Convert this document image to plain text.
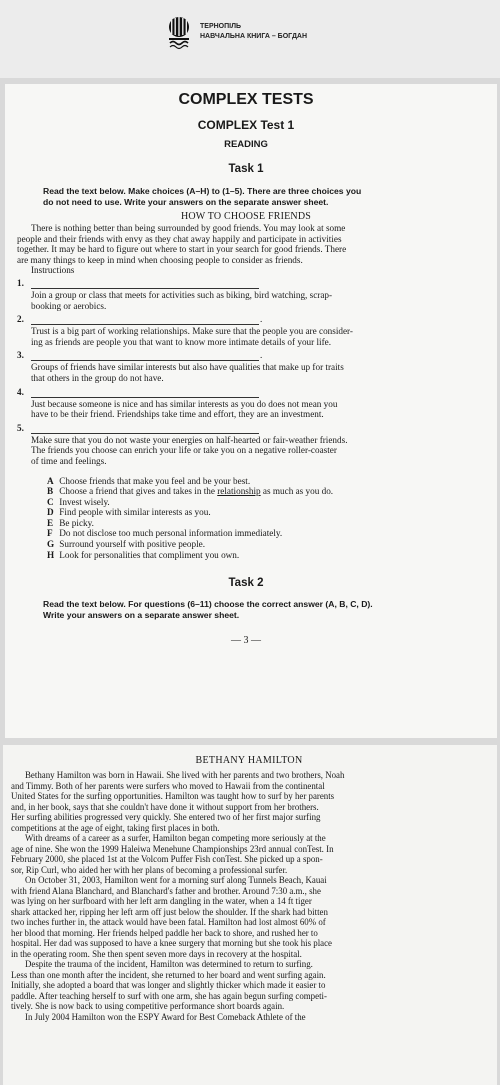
ТЕРНОПІЛЬ
НАВЧАЛЬНА КНИГА – БОГДАН
COMPLEX TESTS
COMPLEX Test 1
READING
Task 1
Read the text below. Make choices (A–H) to (1–5). There are three choices you
do not need to use. Write your answers on the separate answer sheet.
HOW TO CHOOSE FRIENDS

There is nothing better than being surrounded by good friends. You may look at some

people and their friends with envy as they chat away happily and participate in activities

together. It may be hard to figure out where to start in your search for good friends. There

are many things to keep in mind when choosing people to consider as friends.

Instructions
1.

Join a group or class that meets for activities such as biking, bird watching, scrap-

booking or aerobics.

2.	.

Trust is a big part of working relationships. Make sure that the people you are consider-

ing as friends are people you that want to know more intimate details of your life.

3.	.

Groups of friends have similar interests but also have qualities that make up for traits

that others in the group do not have.

4.

Just because someone is nice and has similar interests as you do does not mean you

have to be their friend. Friendships take time and effort, they are an investment.

5.

Make sure that you do not waste your energies on half-hearted or fair-weather friends.

The friends you choose can enrich your life or take you on a negative roller-coaster

of time and feelings.

A Choose friends that make you feel and be your best.
B Choose a friend that gives and takes in the relationship as much as you do.
C Invest wisely.
D Find people with similar interests as you.
E Be picky.
F Do not disclose too much personal information immediately.
G Surround yourself with positive people.
H Look for personalities that compliment you own.
Task 2
Read the text below. For questions (6–11) choose the correct answer (A, B, C, D).
Write your answers on a separate answer sheet.
— 3 —
BETHANY HAMILTON

Bethany Hamilton was born in Hawaii. She lived with her parents and two brothers, Noah

and Timmy. Both of her parents were surfers who moved to Hawaii from the continental

United States for the surfing opportunities. Hamilton was taught how to surf by her parents

and, in her book, says that she couldn't have done it without support from her brothers.

Her surfing abilities progressed very quickly. She entered two of her first major surfing

competitions at the age of eight, taking first places in both.

With dreams of a career as a surfer, Hamilton began competing more seriously at the

age of nine. She won the 1999 Haleiwa Menehune Championships 23rd annual conTest. In

February 2000, she placed 1st at the Volcom Puffer Fish conTest. She picked up a spon-

sor, Rip Curl, who aided her with her plans of becoming a professional surfer.

On October 31, 2003, Hamilton went for a morning surf along Tunnels Beach, Kauai

with friend Alana Blanchard, and Blanchard's father and brother. Around 7:30 a.m., she

was lying on her surfboard with her left arm dangling in the water, when a 14 ft tiger

shark attacked her, ripping her left arm off just below the shoulder. If the shark had bitten

two inches further in, the attack would have been fatal. Hamilton had lost almost 60% of

her blood that morning. Her friends helped paddle her back to shore, and rushed her to

hospital. Her dad was supposed to have a knee surgery that morning but she took his place

in the operating room. She then spent seven more days in recovery at the hospital.

Despite the trauma of the incident, Hamilton was determined to return to surfing.

Less than one month after the incident, she returned to her board and went surfing again.

Initially, she adopted a board that was longer and slightly thicker which made it easier to

paddle. After teaching herself to surf with one arm, she has again begun surfing competi-

tively. She is now back to using competitive performance short boards again.

In July 2004 Hamilton won the ESPY Award for Best Comeback Athlete of the
